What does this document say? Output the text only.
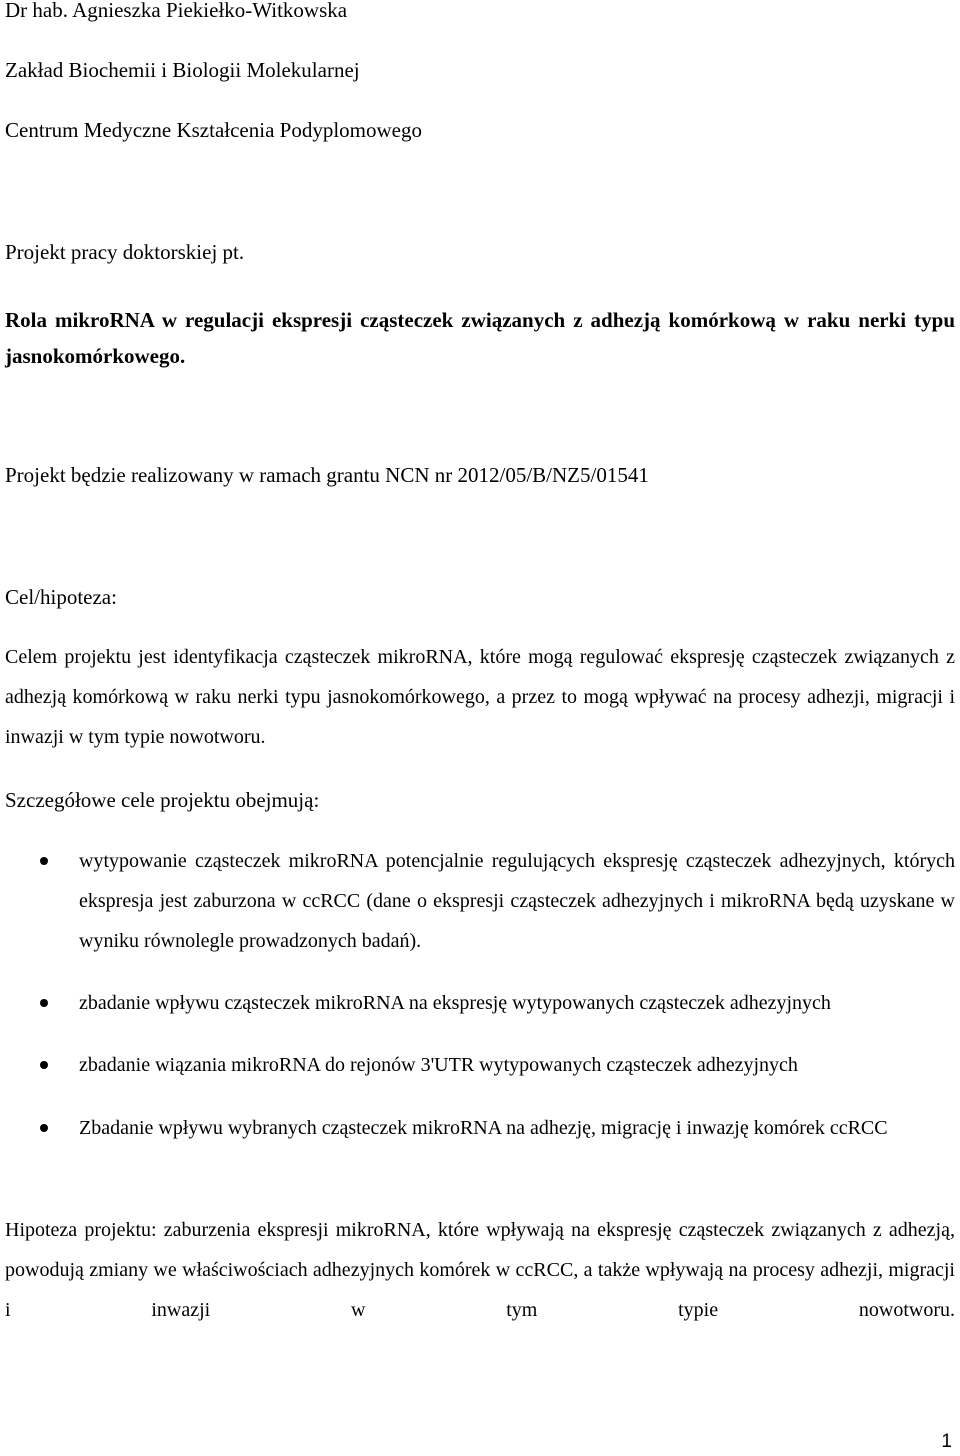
Dr hab. Agnieszka Piekiełko-Witkowska
Zakład Biochemii i Biologii Molekularnej
Centrum Medyczne Kształcenia Podyplomowego
Projekt pracy doktorskiej pt.
Rola mikroRNA w regulacji ekspresji cząsteczek związanych z adhezją komórkową w raku nerki typu jasnokomórkowego.
Projekt będzie realizowany w ramach grantu NCN nr 2012/05/B/NZ5/01541
Cel/hipoteza:
Celem projektu jest identyfikacja cząsteczek mikroRNA, które mogą regulować ekspresję cząsteczek związanych z adhezją komórkową w raku nerki typu jasnokomórkowego, a przez to mogą wpływać na procesy adhezji, migracji i inwazji w tym typie nowotworu.
Szczegółowe cele projektu obejmują:
wytypowanie cząsteczek mikroRNA potencjalnie regulujących ekspresję cząsteczek adhezyjnych, których ekspresja jest zaburzona w ccRCC (dane o ekspresji cząsteczek adhezyjnych i mikroRNA będą uzyskane w wyniku równolegle prowadzonych badań).
zbadanie wpływu cząsteczek mikroRNA na ekspresję wytypowanych cząsteczek adhezyjnych
zbadanie wiązania mikroRNA do rejonów 3'UTR wytypowanych cząsteczek adhezyjnych
Zbadanie wpływu wybranych cząsteczek mikroRNA na adhezję, migrację i inwazję komórek ccRCC
Hipoteza projektu: zaburzenia ekspresji mikroRNA, które wpływają na ekspresję cząsteczek związanych z adhezją, powodują zmiany we właściwościach adhezyjnych komórek w ccRCC, a także wpływają na procesy adhezji, migracji i inwazji w tym typie nowotworu.
1
